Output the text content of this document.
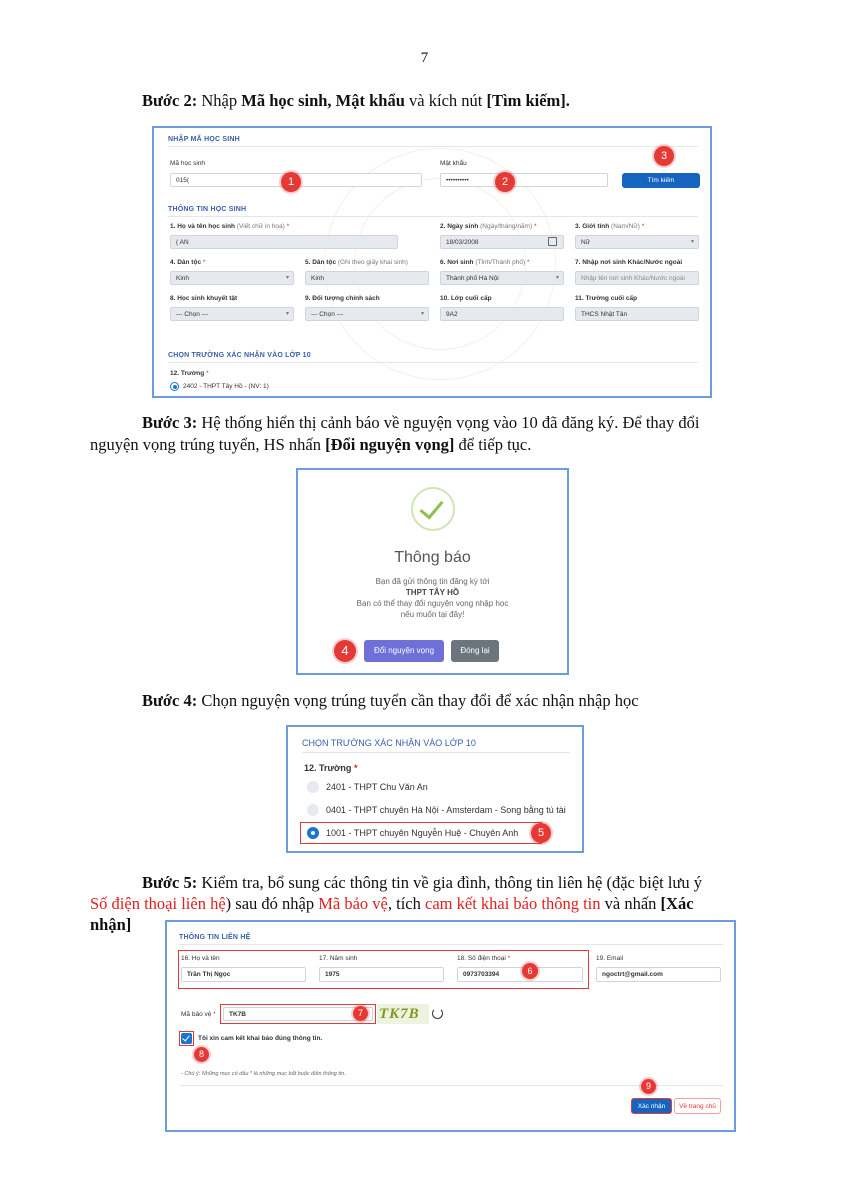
7
Bước 2: Nhập Mã học sinh, Mật khẩu và kích nút [Tìm kiếm].
NHẬP MÃ HỌC SINH
Mã học sinh
015(
Mật khẩu
••••••••••	Tìm kiếm
1	2
3
THÔNG TIN HỌC SINH
1. Họ và tên học sinh (Viết chữ in hoa) *
( AN
2. Ngày sinh (Ngày/tháng/năm) *
18/03/2008
3. Giới tính (Nam/Nữ) *
Nữ ▾
4. Dân tộc *
Kinh ▾
5. Dân tộc (Ghi theo giấy khai sinh)
Kinh
6. Nơi sinh (Tỉnh/Thành phố) *
Thành phố Hà Nội ▾
7. Nhập nơi sinh Khác/Nước ngoài
Nhập tên nơi sinh Khác/Nước ngoài
8. Học sinh khuyết tật
--- Chọn --- ▾
9. Đối tượng chính sách
--- Chọn --- ▾
10. Lớp cuối cấp
9A2
11. Trường cuối cấp
THCS Nhật Tân
CHỌN TRƯỜNG XÁC NHẬN VÀO LỚP 10
12. Trường *
2402 - THPT Tây Hồ - (NV: 1)
Bước 3: Hệ thống hiển thị cảnh báo về nguyện vọng vào 10 đã đăng ký. Để thay đổi
nguyện vọng trúng tuyển, HS nhấn [Đổi nguyện vọng] để tiếp tục.
Thông báo
Bạn đã gửi thông tin đăng ký tới
THPT TÂY HỒ
Bạn có thể thay đổi nguyện vọng nhập học
nếu muốn tại đây!
Đổi nguyện vọng	Đóng lại
4
Bước 4: Chọn nguyện vọng trúng tuyển cần thay đổi để xác nhận nhập học
CHỌN TRƯỜNG XÁC NHẬN VÀO LỚP 10
12. Trường *
2401 - THPT Chu Văn An
0401 - THPT chuyên Hà Nội - Amsterdam - Song bằng tú tài
1001 - THPT chuyên Nguyễn Huệ - Chuyên Anh	5
Bước 5: Kiểm tra, bổ sung các thông tin về gia đình, thông tin liên hệ (đặc biệt lưu ý
Số điện thoại liên hệ) sau đó nhập Mã bảo vệ, tích cam kết khai báo thông tin và nhấn [Xác
nhận]
THÔNG TIN LIÊN HỆ
16. Họ và tên
Trần Thị Ngọc
17. Năm sinh
1975
18. Số điện thoại *
0973703394	6
19. Email
ngoctrt@gmail.com
Mã bảo vệ *	TK7B	7	TK7B
Tôi xin cam kết khai báo đúng thông tin.
8
- Chú ý: Những mục có dấu * là những mục bắt buộc điền thông tin.
9
Xác nhận	Về trang chủ
